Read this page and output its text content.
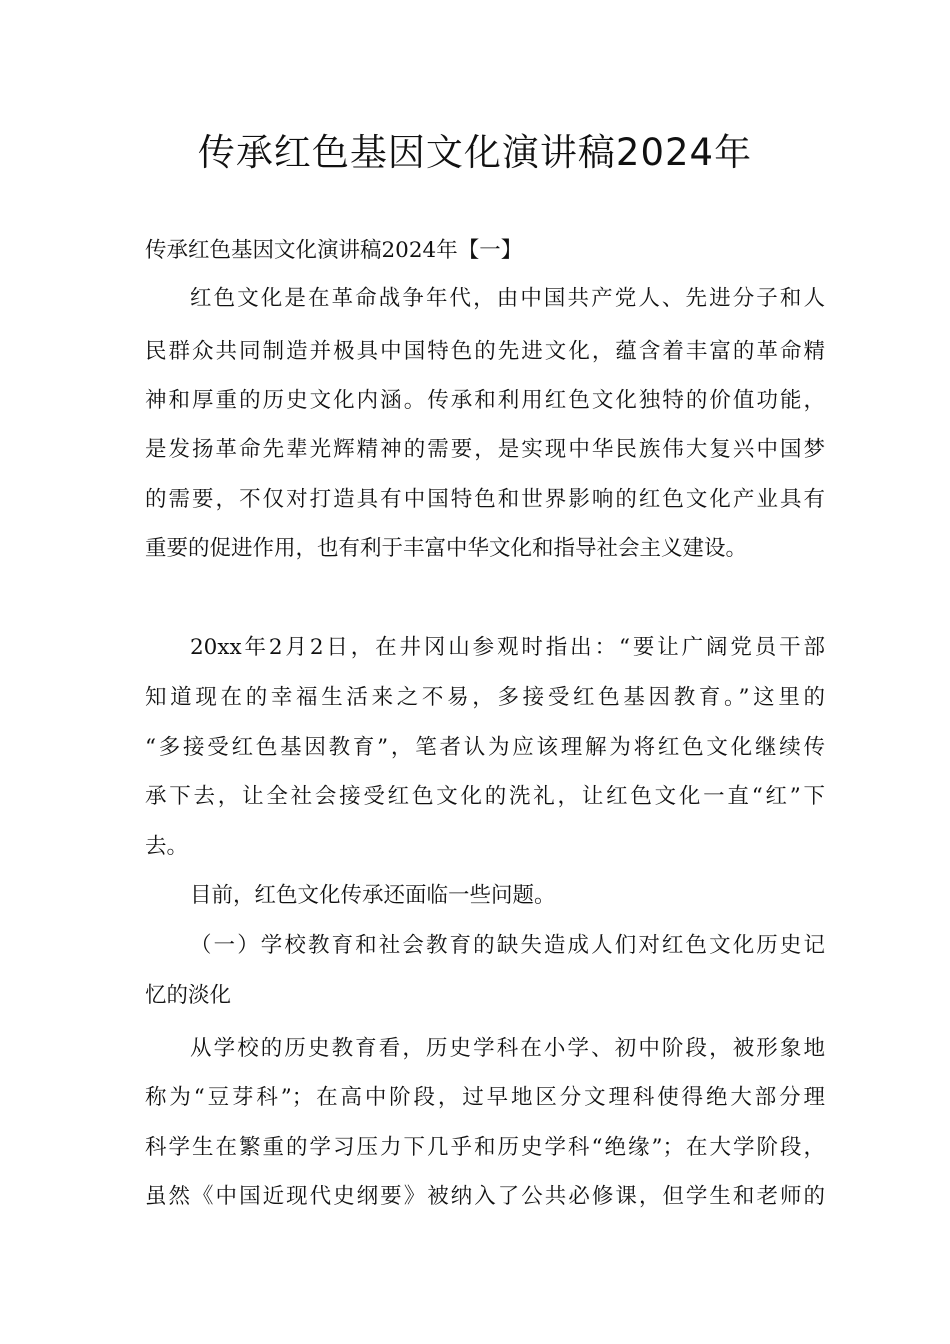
传承红色基因文化演讲稿2024年

传承红色基因文化演讲稿2024年【一】

红色文化是在革命战争年代，由中国共产党人、先进分子和人

民群众共同制造并极具中国特色的先进文化，蕴含着丰富的革命精

神和厚重的历史文化内涵。传承和利用红色文化独特的价值功能，

是发扬革命先辈光辉精神的需要，是实现中华民族伟大复兴中国梦

的需要，不仅对打造具有中国特色和世界影响的红色文化产业具有

重要的促进作用，也有利于丰富中华文化和指导社会主义建设。

20xx年2月2日，在井冈山参观时指出：“要让广阔党员干部

知道现在的幸福生活来之不易，多接受红色基因教育。”这里的

“多接受红色基因教育”，笔者认为应该理解为将红色文化继续传

承下去，让全社会接受红色文化的洗礼，让红色文化一直“红”下

去。

目前，红色文化传承还面临一些问题。

（一）学校教育和社会教育的缺失造成人们对红色文化历史记

忆的淡化

从学校的历史教育看，历史学科在小学、初中阶段，被形象地

称为“豆芽科”；在高中阶段，过早地区分文理科使得绝大部分理

科学生在繁重的学习压力下几乎和历史学科“绝缘”；在大学阶段，

虽然《中国近现代史纲要》被纳入了公共必修课，但学生和老师的
